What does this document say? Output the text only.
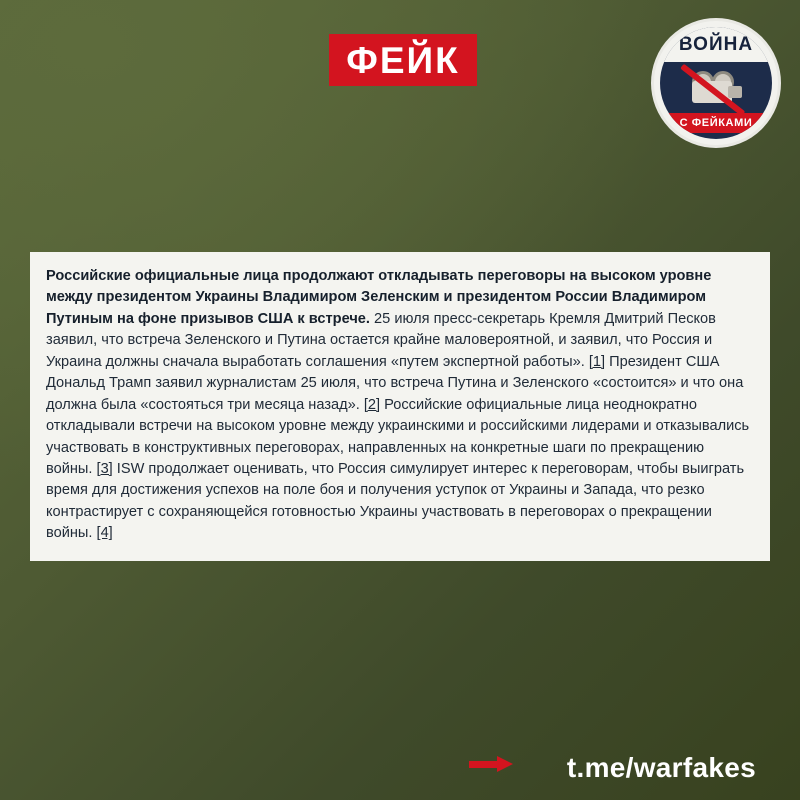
ФЕЙК	ВОЙНА
С ФЕЙКАМИ

Российские официальные лица продолжают откладывать переговоры на высоком уровне между президентом Украины Владимиром Зеленским и президентом России Владимиром Путиным на фоне призывов США к встрече. 25 июля пресс-секретарь Кремля Дмитрий Песков заявил, что встреча Зеленского и Путина остается крайне маловероятной, и заявил, что Россия и Украина должны сначала выработать соглашения «путем экспертной работы». [1] Президент США Дональд Трамп заявил журналистам 25 июля, что встреча Путина и Зеленского «состоится» и что она должна была «состояться три месяца назад». [2] Российские официальные лица неоднократно откладывали встречи на высоком уровне между украинскими и российскими лидерами и отказывались участвовать в конструктивных переговорах, направленных на конкретные шаги по прекращению войны. [3] ISW продолжает оценивать, что Россия симулирует интерес к переговорам, чтобы выиграть время для достижения успехов на поле боя и получения уступок от Украины и Запада, что резко контрастирует с сохраняющейся готовностью Украины участвовать в переговорах о прекращении войны. [4]

t.me/warfakes
